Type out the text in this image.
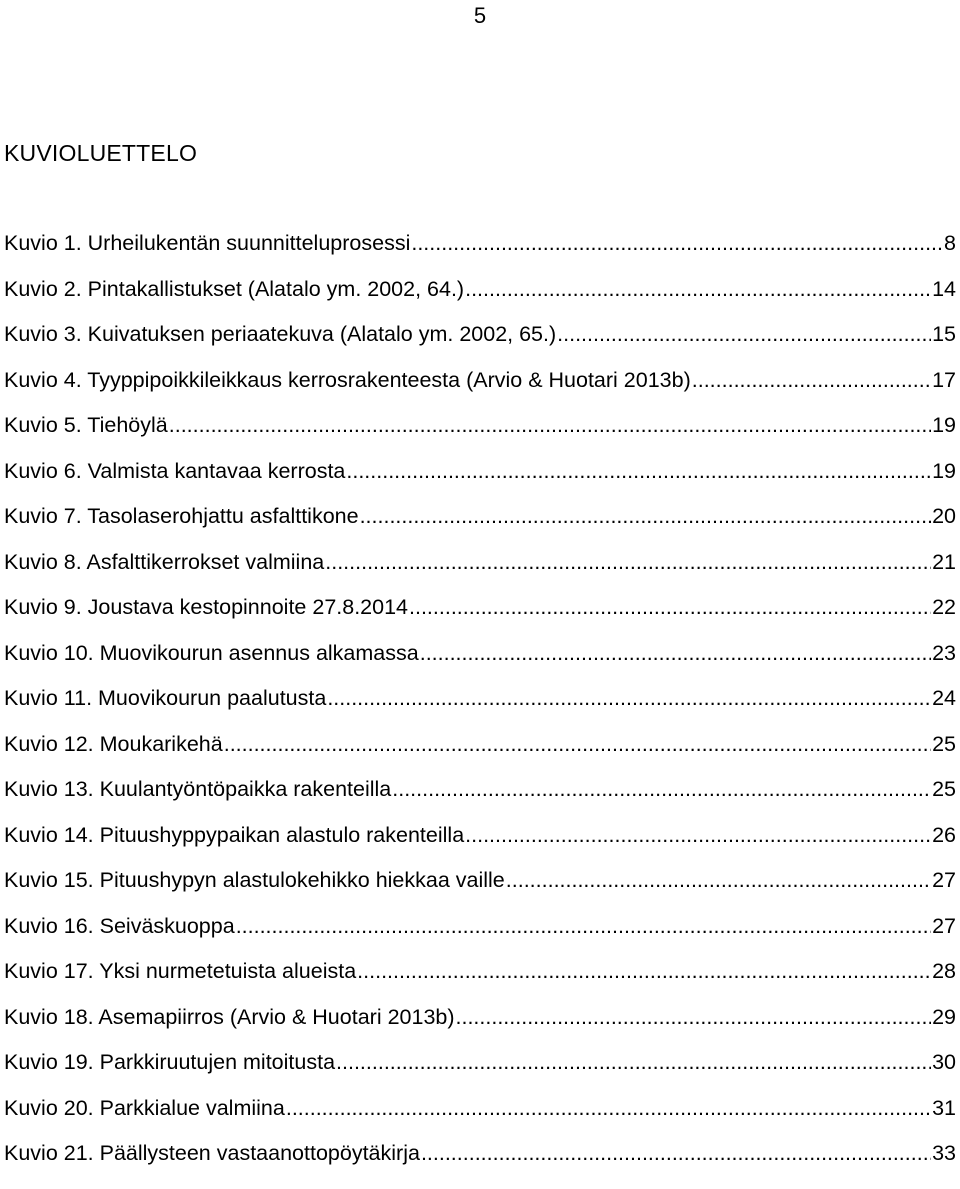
5
KUVIOLUETTELO
Kuvio 1. Urheilukentän suunnitteluprosessi .....	8
Kuvio 2. Pintakallistukset (Alatalo ym. 2002, 64.) .....	14
Kuvio 3. Kuivatuksen periaatekuva (Alatalo ym. 2002, 65.) .....	15
Kuvio 4. Tyyppipoikkileikkaus kerrosrakenteesta (Arvio & Huotari 2013b) .....	17
Kuvio 5. Tiehöylä .....	19
Kuvio 6. Valmista kantavaa kerrosta .....	19
Kuvio 7. Tasolaserohjattu asfalttikone .....	20
Kuvio 8. Asfalttikerrokset valmiina .....	21
Kuvio 9. Joustava kestopinnoite 27.8.2014 .....	22
Kuvio 10. Muovikourun asennus alkamassa .....	23
Kuvio 11. Muovikourun paalutusta .....	24
Kuvio 12. Moukarikehä .....	25
Kuvio 13. Kuulantyöntöpaikka rakenteilla .....	25
Kuvio 14. Pituushyppypaikan alastulo rakenteilla .....	26
Kuvio 15. Pituushypyn alastulokehikko hiekkaa vaille .....	27
Kuvio 16. Seiväskuoppa .....	27
Kuvio 17. Yksi nurmetetuista alueista .....	28
Kuvio 18. Asemapiirros (Arvio & Huotari 2013b) .....	29
Kuvio 19. Parkkiruutujen mitoitusta .....	30
Kuvio 20. Parkkialue valmiina .....	31
Kuvio 21. Päällysteen vastaanottopöytäkirja .....	33
